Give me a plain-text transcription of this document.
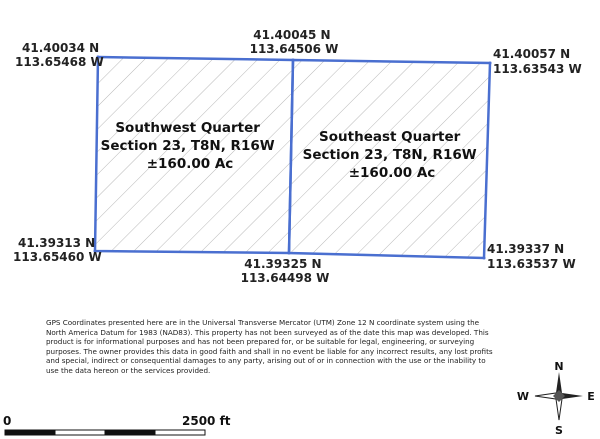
Southwest Quarter Section 23, T8N, R16W ±160.00 Ac
Southeast Quarter Section 23, T8N, R16W ±160.00 Ac
41.40034 N 113.65468 W
41.40045 N 113.64506 W	41.40057 N 113.63543 W
41.39313 N 113.65460 W	41.39325 N 113.64498 W
41.39337 N 113.63537 W
0	2500 ft
N
S
W	E
GPS Coordinates presented here are in the Universal Transverse Mercator (UTM) Zone 12 N coordinate system using the North America Datum for 1983 (NAD83). This property has not been surveyed as of the date this map was developed. This product is for informational purposes and has not been prepared for, or be suitable for legal, engineering, or surveying purposes. The owner provides this data in good faith and shall in no event be liable for any incorrect results, any lost profits and special, indirect or consequential damages to any party, arising out of or in connection with the use or the inability to use the data hereon or the services provided.
